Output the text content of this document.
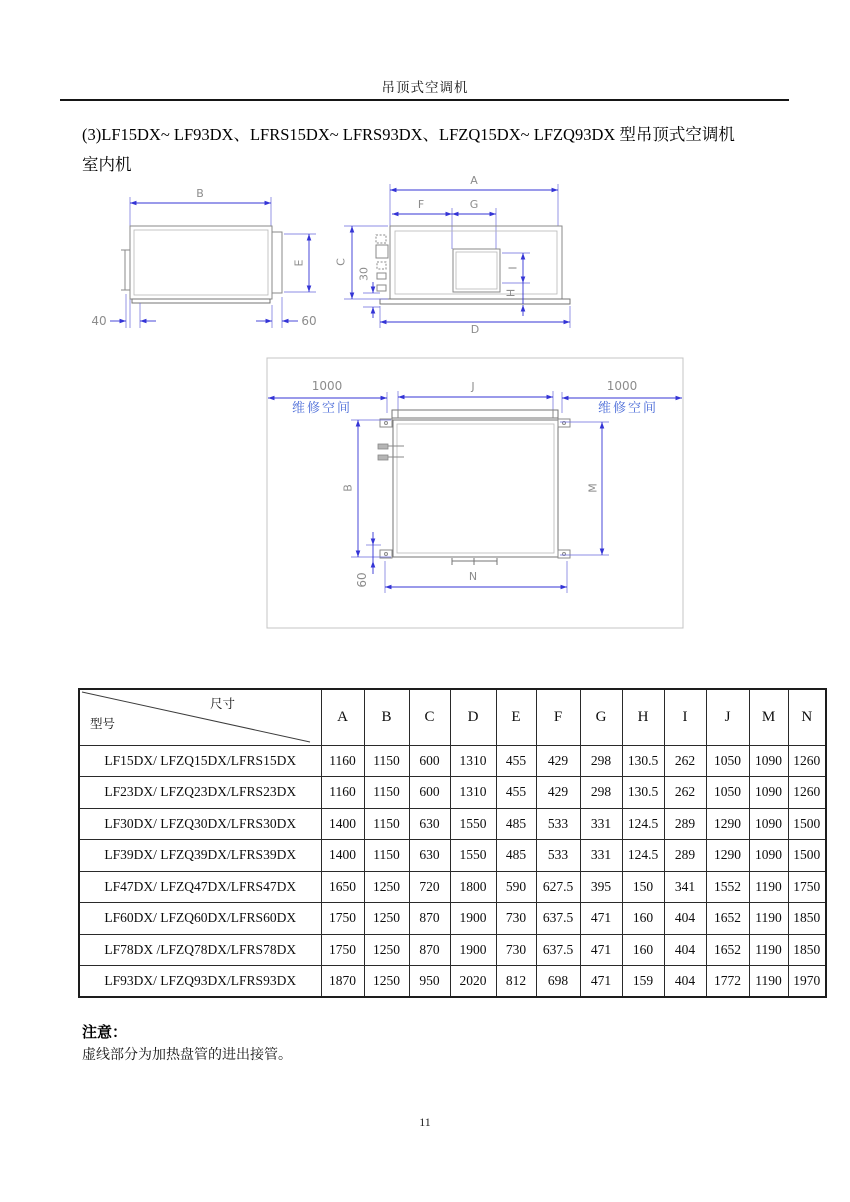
吊顶式空调机
(3)LF15DX~ LF93DX、LFRS15DX~ LFRS93DX、LFZQ15DX~ LFZQ93DX 型吊顶式空调机
室内机
B
E
40	60
A
F	G
C
30	I
H
D
J
1000	1000
维修空间	维修空间
B	M
60	N
尺寸
型号	A	B	C	D	E	F	G	H	I	J	M	N
LF15DX/ LFZQ15DX/LFRS15DX	1160	1150	600	1310	455	429	298	130.5	262	1050	1090	1260
LF23DX/ LFZQ23DX/LFRS23DX	1160	1150	600	1310	455	429	298	130.5	262	1050	1090	1260
LF30DX/ LFZQ30DX/LFRS30DX	1400	1150	630	1550	485	533	331	124.5	289	1290	1090	1500
LF39DX/ LFZQ39DX/LFRS39DX	1400	1150	630	1550	485	533	331	124.5	289	1290	1090	1500
LF47DX/ LFZQ47DX/LFRS47DX	1650	1250	720	1800	590	627.5	395	150	341	1552	1190	1750
LF60DX/ LFZQ60DX/LFRS60DX	1750	1250	870	1900	730	637.5	471	160	404	1652	1190	1850
LF78DX /LFZQ78DX/LFRS78DX	1750	1250	870	1900	730	637.5	471	160	404	1652	1190	1850
LF93DX/ LFZQ93DX/LFRS93DX	1870	1250	950	2020	812	698	471	159	404	1772	1190	1970
注意：
虚线部分为加热盘管的进出接管。
11
